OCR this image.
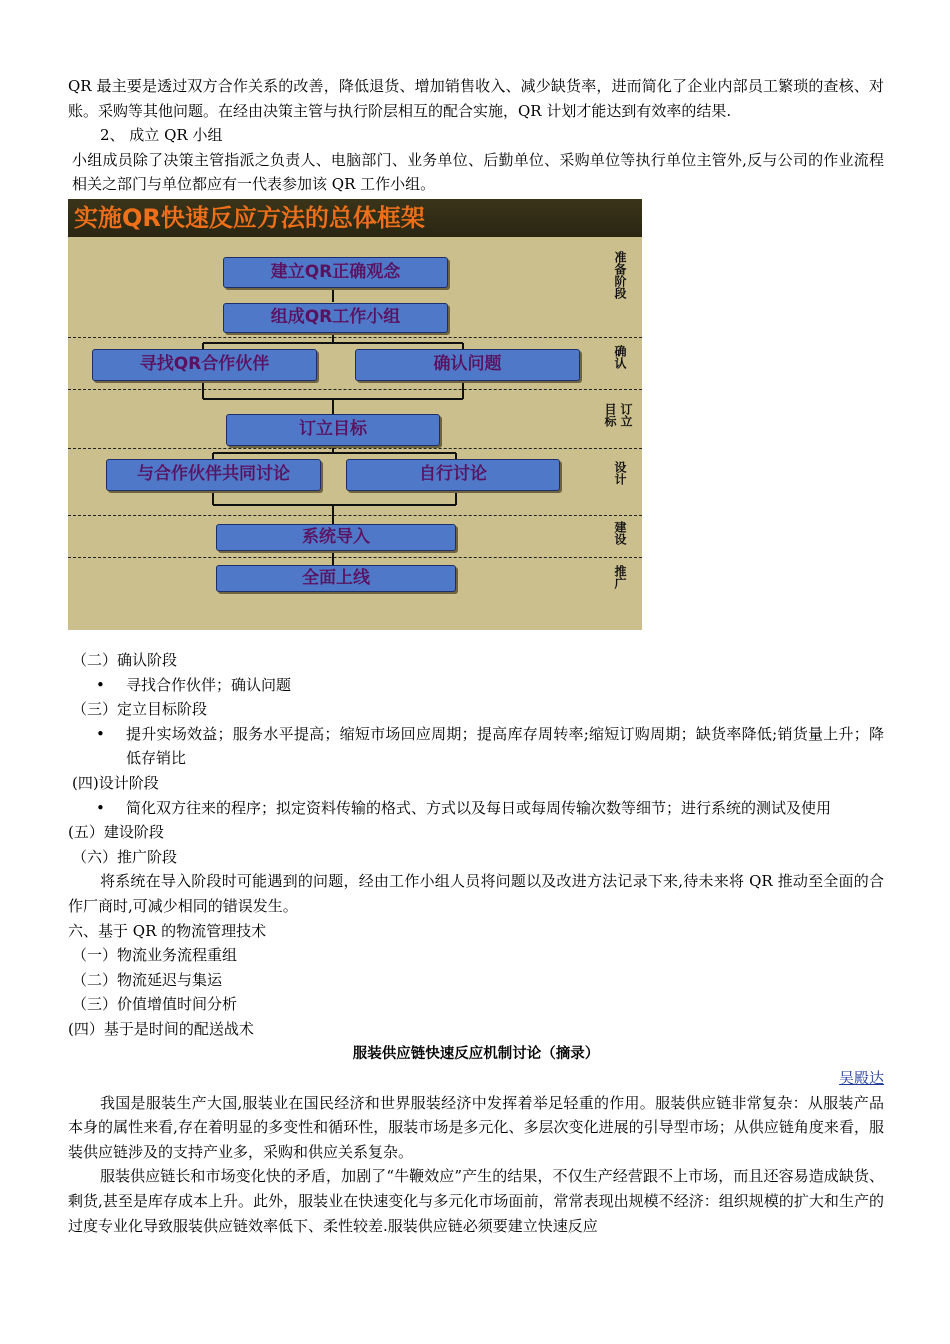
QR 最主要是透过双方合作关系的改善，降低退货、增加销售收入、减少缺货率，进而简化了企业内部员工繁琐的查核、对账。采购等其他问题。在经由决策主管与执行阶层相互的配合实施，QR 计划才能达到有效率的结果.

2、 成立 QR 小组

小组成员除了决策主管指派之负责人、电脑部门、业务单位、后勤单位、采购单位等执行单位主管外,反与公司的作业流程相关之部门与单位都应有一代表参加该 QR 工作小组。

实施QR快速反应方法的总体框架
建立QR正确观念
组成QR工作小组
寻找QR合作伙伴	确认问题
订立目标
与合作伙伴共同讨论	自行讨论
系统导入
全面上线
准备阶段
确认
目标 订立
设计
建设
推广

（二）确认阶段

• 寻找合作伙伴；确认问题

（三）定立目标阶段

• 提升实场效益；服务水平提高；缩短市场回应周期；提高库存周转率;缩短订购周期；缺货率降低;销货量上升；降低存销比

(四)设计阶段

• 简化双方往来的程序；拟定资料传输的格式、方式以及每日或每周传输次数等细节；进行系统的测试及使用

(五）建设阶段

（六）推广阶段

将系统在导入阶段时可能遇到的问题，经由工作小组人员将问题以及改进方法记录下来,待未来将 QR 推动至全面的合作厂商时,可减少相同的错误发生。

六、基于 QR 的物流管理技术

（一）物流业务流程重组

（二）物流延迟与集运

（三）价值增值时间分析

(四）基于是时间的配送战术

服装供应链快速反应机制讨论（摘录）

吴殿达

我国是服装生产大国,服装业在国民经济和世界服装经济中发挥着举足轻重的作用。服装供应链非常复杂：从服装产品本身的属性来看,存在着明显的多变性和循环性，服装市场是多元化、多层次变化进展的引导型市场；从供应链角度来看，服装供应链涉及的支持产业多，采购和供应关系复杂。

服装供应链长和市场变化快的矛盾，加剧了“牛鞭效应”产生的结果，不仅生产经营跟不上市场，而且还容易造成缺货、剩货,甚至是库存成本上升。此外，服装业在快速变化与多元化市场面前，常常表现出规模不经济：组织规模的扩大和生产的过度专业化导致服装供应链效率低下、柔性较差.服装供应链必须要建立快速反应
